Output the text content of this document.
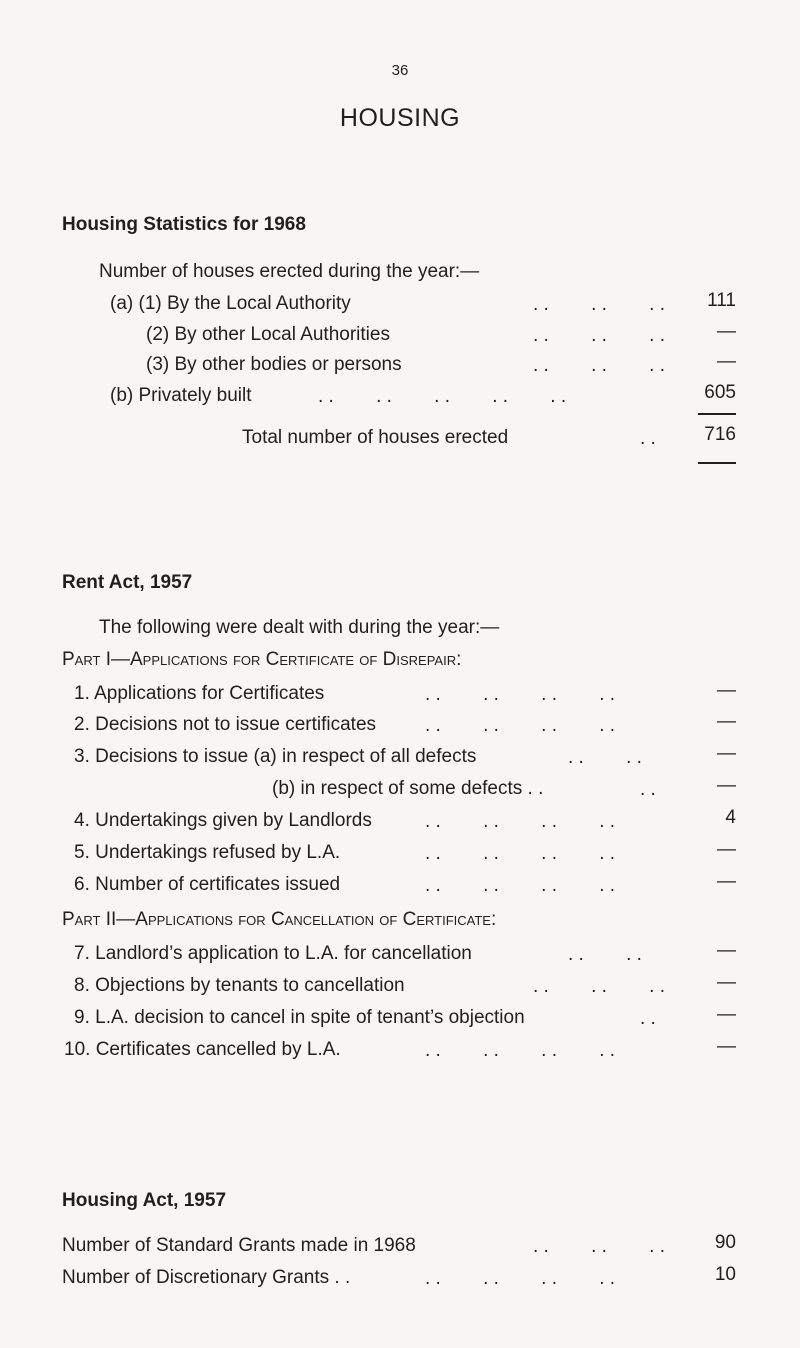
36
HOUSING
Housing Statistics for 1968
Number of houses erected during the year:—
(a) (1) By the Local Authority	. .        . .        . .	111
(2) By other Local Authorities	. .        . .        . .	—
(3) By other bodies or persons	. .        . .        . .	—
(b) Privately built	. .        . .        . .        . .        . .	605
Total number of houses erected	. .	716
Rent Act, 1957
The following were dealt with during the year:—
Part I—Applications for Certificate of Disrepair:
1. Applications for Certificates	. .        . .        . .        . .	—
2. Decisions not to issue certificates	. .        . .        . .        . .	—
3. Decisions to issue (a) in respect of all defects	. .        . .	—
(b) in respect of some defects . .	. .	—
4. Undertakings given by Landlords	. .        . .        . .        . .	4
5. Undertakings refused by L.A.	. .        . .        . .        . .	—
6. Number of certificates issued	. .        . .        . .        . .	—
Part II—Applications for Cancellation of Certificate:
7. Landlord’s application to L.A. for cancellation	. .        . .	—
8. Objections by tenants to cancellation	. .        . .        . .	—
9. L.A. decision to cancel in spite of tenant’s objection	. .	—
10. Certificates cancelled by L.A.	. .        . .        . .        . .	—
Housing Act, 1957
Number of Standard Grants made in 1968	. .        . .        . .	90
Number of Discretionary Grants . .	. .        . .        . .        . .	10
